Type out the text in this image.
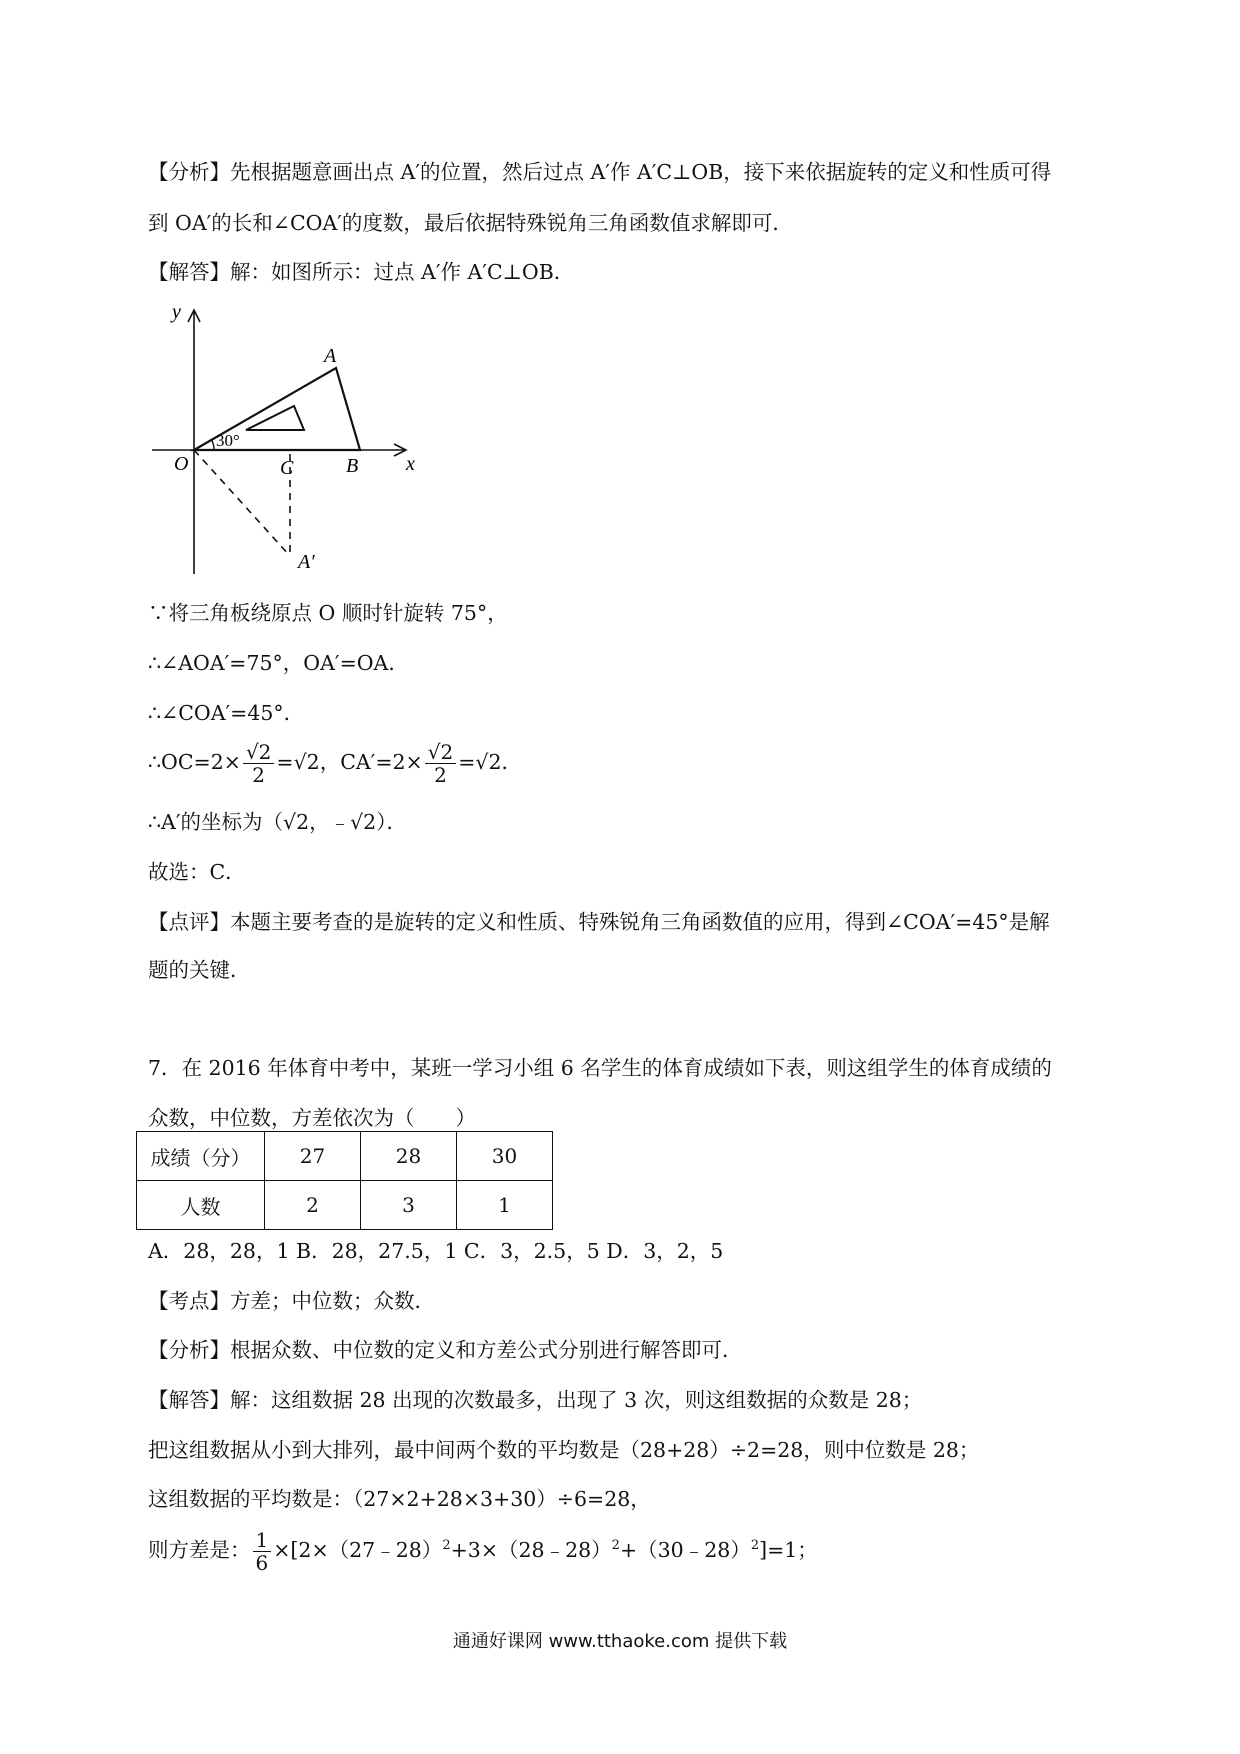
【分析】先根据题意画出点 A′的位置，然后过点 A′作 A′C⊥OB，接下来依据旋转的定义和性质可得
到 OA′的长和∠COA′的度数，最后依据特殊锐角三角函数值求解即可．
【解答】解：如图所示：过点 A′作 A′C⊥OB．
y
A
30°
O	C	B x
A′
∵将三角板绕原点 O 顺时针旋转 75°，
∴∠AOA′=75°，OA′=OA．
∴∠COA′=45°．
∴OC=2× $\frac{√2}{2} =√2$，$CA'=2\times \frac{√2}{2} =√2$．
∴A′的坐标为（√2，﹣√2）．
故选：C．
【点评】本题主要考查的是旋转的定义和性质、特殊锐角三角函数值的应用，得到∠COA′=45°是解
题的关键．
7．在 2016 年体育中考中，某班一学习小组 6 名学生的体育成绩如下表，则这组学生的体育成绩的
众数，中位数，方差依次为（　　）
成绩（分）	27	28	30
人数	2	3	1
A．28，28，1 B．28，27.5，1 C．3，2.5，5 D．3，2，5
【考点】方差；中位数；众数．
【分析】根据众数、中位数的定义和方差公式分别进行解答即可．
【解答】解：这组数据 28 出现的次数最多，出现了 3 次，则这组数据的众数是 28；
把这组数据从小到大排列，最中间两个数的平均数是（28+28）÷2=28，则中位数是 28；
这组数据的平均数是：（27×2+28×3+30）÷6=28，
则方差是： $\frac{1}{6}$ ×[2×（27﹣28）$^2$+3×（28﹣28）$^2$+（30﹣28）$^2$]=1；
通通好课网 www.tthaoke.com 提供下载
